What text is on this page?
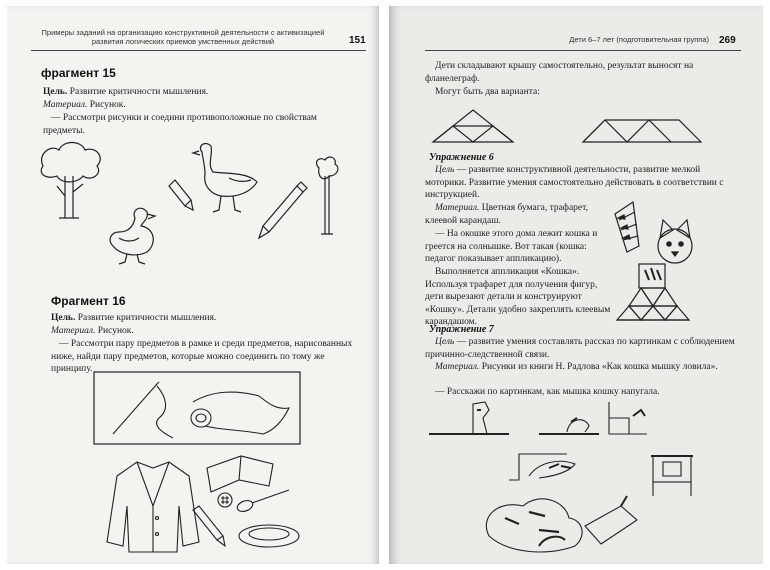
Примеры заданий на организацию конструктивной деятельности с активизацией развития логических приемов умственных действий	151
фрагмент 15
Цель. Развитие критичности мышления.
Материал. Рисунок.
— Рассмотри рисунки и соедини противоположные по свойствам предметы.
Фрагмент 16
Цель. Развитие критичности мышления.
Материал. Рисунок.
— Рассмотри пару предметов в рамке и среди предметов, нарисованных ниже, найди пару предметов, которые можно соединить по тому же принципу.
Дети 6–7 лет (подготовительная группа) 269
Дети складывают крышу самостоятельно, результат выносят на фланелеграф.
Могут быть два варианта:
Упражнение 6
Цель — развитие конструктивной деятельности, развитие мелкой моторики. Развитие умения самостоятельно действовать в соответствии с инструкцией.
Материал. Цветная бумага, трафарет, клеевой карандаш.
— На окошке этого дома лежит кошка и греется на солнышке. Вот такая (кошка: педагог показывает аппликацию).
Выполняется аппликация «Кошка». Используя трафарет для получения фигур, дети вырезают детали и конструируют «Кошку». Детали удобно закреплять клеевым карандашом.
Упражнение 7
Цель — развитие умения составлять рассказ по картинкам с соблюдением причинно-следственной связи.
Материал. Рисунки из книги Н. Радлова «Как кошка мышку ловила».
— Расскажи по картинкам, как мышка кошку напугала.
